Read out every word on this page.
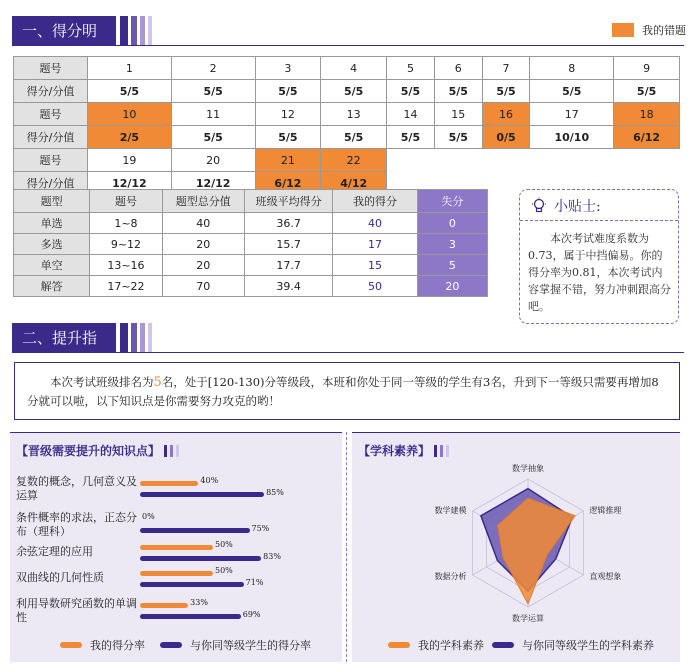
一、得分明	我的错题
题号	1	2	3	4	5	6	7	8	9
得分/分值	5/5	5/5	5/5	5/5	5/5	5/5	5/5	5/5	5/5
题号	10	11	12	13	14	15	16	17	18
得分/分值	2/5	5/5	5/5	5/5	5/5	5/5	0/5	10/10	6/12
题号	19	20	21	22					
得分/分值	12/12	12/12	6/12	4/12					
题型	题号	题型总分值	班级平均得分	我的得分	失分
单选	1~8	40	36.7	40	0
多选	9~12	20	15.7	17	3
单空	13~16	20	17.7	15	5
解答	17~22	70	39.4	50	20
小贴士:
本次考试难度系数为0.73，属于中挡偏易。你的得分率为0.81，本次考试内容掌握不错，努力冲刺跟高分吧。
二、提升指导
本次考试班级排名为5名，处于[120-130)分等级段，本班和你处于同一等级的学生有3名，升到下一等级只需要再增加8分就可以啦，以下知识点是你需要努力攻克的哟！
【晋级需要提升的知识点】
我的得分率	与你同等级学生的得分率
复数的概念，几何意义及运算
40%
85%
条件概率的求法，正态分布（理科）
0%
75%
余弦定理的应用
50%
83%
双曲线的几何性质
50%
71%
利用导数研究函数的单调性
33%
69%
【学科素养】
数学抽象
逻辑推理
直观想象
数学运算
数据分析
数学建模
我的学科素养	与你同等级学生的学科素养
